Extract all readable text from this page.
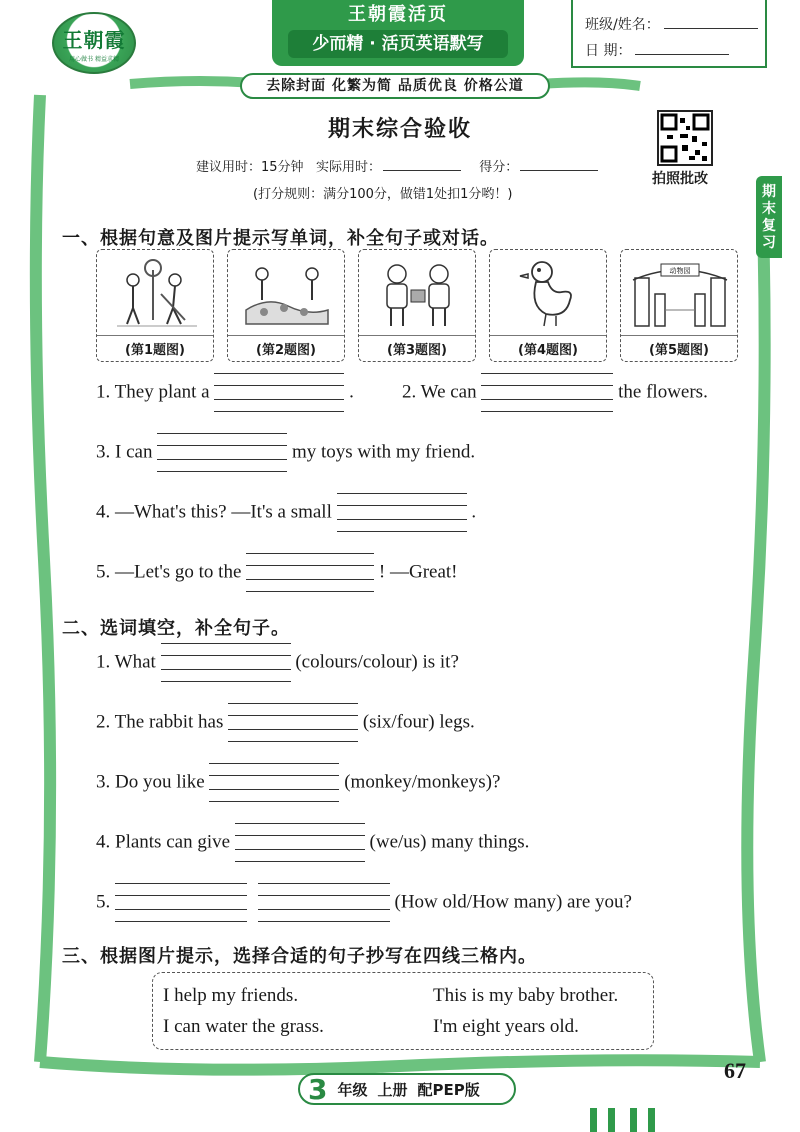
王朝霞
用心做书 精益求精
王朝霞活页
少而精 · 活页英语默写
班级/姓名：
日 期：
去除封面 化繁为简 品质优良 价格公道
期末综合验收
建议用时：15分钟 实际用时：	得分：
(打分规则：满分100分，做错1处扣1分哟！)
拍照批改
期
末
复
习
一、根据句意及图片提示写单词，补全句子或对话。
(第1题图)	(第2题图)	(第3题图)	(第4题图)
动物园
(第5题图)
1. They plant a	.	2. We can	the flowers.
3. I can	my toys with my friend.
4. —What's this? —It's a small	.
5. —Let's go to the	! —Great!
二、选词填空，补全句子。
1. What	(colours/colour) is it?
2. The rabbit has	(six/four) legs.
3. Do you like	(monkey/monkeys)?
4. Plants can give	(we/us) many things.
5.
	(How old/How many) are you?
三、根据图片提示，选择合适的句子抄写在四线三格内。
I help my friends.	This is my baby brother.
I can water the grass.	I'm eight years old.
67
3 年级 上册 配PEP版
